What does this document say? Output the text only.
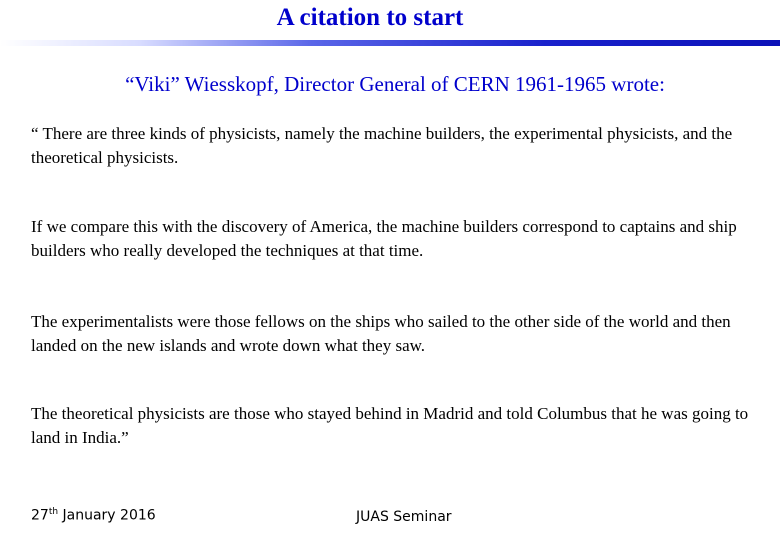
A citation to start
“Viki” Wiesskopf, Director General of CERN 1961-1965 wrote:

“ There are three kinds of physicists, namely the machine builders, the experimental physicists, and the theoretical physicists.

If we compare this with the discovery of America, the machine builders correspond to captains and ship builders who really developed the techniques at that time.

The experimentalists were those fellows on the ships who sailed to the other side of the world and then landed on the new islands and wrote down what they saw.

The theoretical physicists are those who stayed behind in Madrid and told Columbus that he was going to land in India.”

27th January 2016	JUAS Seminar
